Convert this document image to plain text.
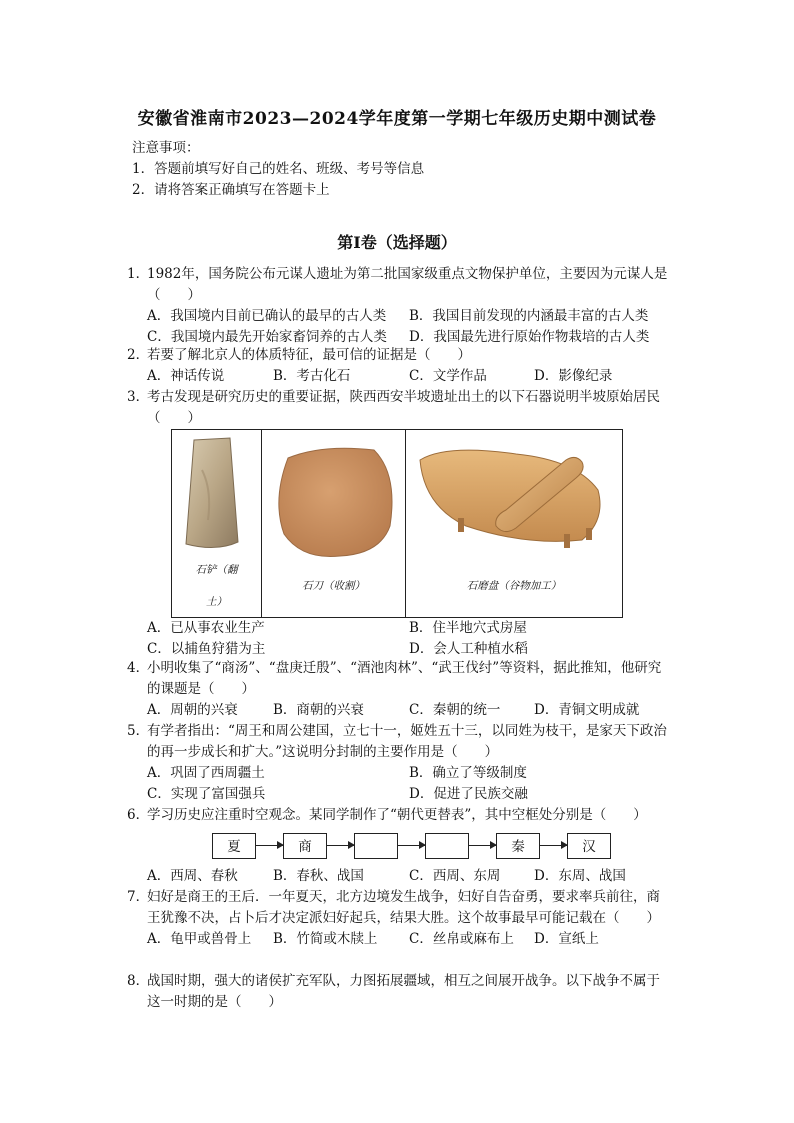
安徽省淮南市2023—2024学年度第一学期七年级历史期中测试卷
注意事项：
1．答题前填写好自己的姓名、班级、考号等信息
2．请将答案正确填写在答题卡上
第I卷（选择题）
1．
1982年，国务院公布元谋人遗址为第二批国家级重点文物保护单位，主要因为元谋人是（　　）
A．我国境内目前已确认的最早的古人类 B．我国目前发现的内涵最丰富的古人类
C．我国境内最先开始家畜饲养的古人类 D．我国最先进行原始作物栽培的古人类
2．
若要了解北京人的体质特征，最可信的证据是（　　）
A．神话传说	B．考古化石	C．文学作品	D．影像纪录
3．
考古发现是研究历史的重要证据，陕西西安半坡遗址出土的以下石器说明半坡原始居民（　　）
石铲（翻
土）
石刀（收割）	石磨盘（谷物加工）
A．已从事农业生产	B．住半地穴式房屋
C．以捕鱼狩猎为主	D．会人工种植水稻
4．
小明收集了“商汤”、“盘庚迁殷”、“酒池肉林”、“武王伐纣”等资料，据此推知，他研究的课题是（　　）
A．周朝的兴衰	B．商朝的兴衰	C．秦朝的统一 D．青铜文明成就
5．
有学者指出：“周王和周公建国，立七十一，姬姓五十三，以同姓为枝干，是家天下政治的再一步成长和扩大。”这说明分封制的主要作用是（　　）
A．巩固了西周疆土	B．确立了等级制度
C．实现了富国强兵	D．促进了民族交融
6．
学习历史应注重时空观念。某同学制作了“朝代更替表”，其中空框处分别是（　　）
夏	商	秦	汉
A．西周、春秋	B．春秋、战国	C．西周、东周 D．东周、战国
7．
妇好是商王的王后．一年夏天，北方边境发生战争，妇好自告奋勇，要求率兵前往，商王犹豫不决，占卜后才决定派妇好起兵，结果大胜。这个故事最早可能记载在（　　）
A．龟甲或兽骨上 B．竹简或木牍上 C．丝帛或麻布上 D．宣纸上
8．
战国时期，强大的诸侯扩充军队，力图拓展疆域，相互之间展开战争。以下战争不属于这一时期的是（　　）
